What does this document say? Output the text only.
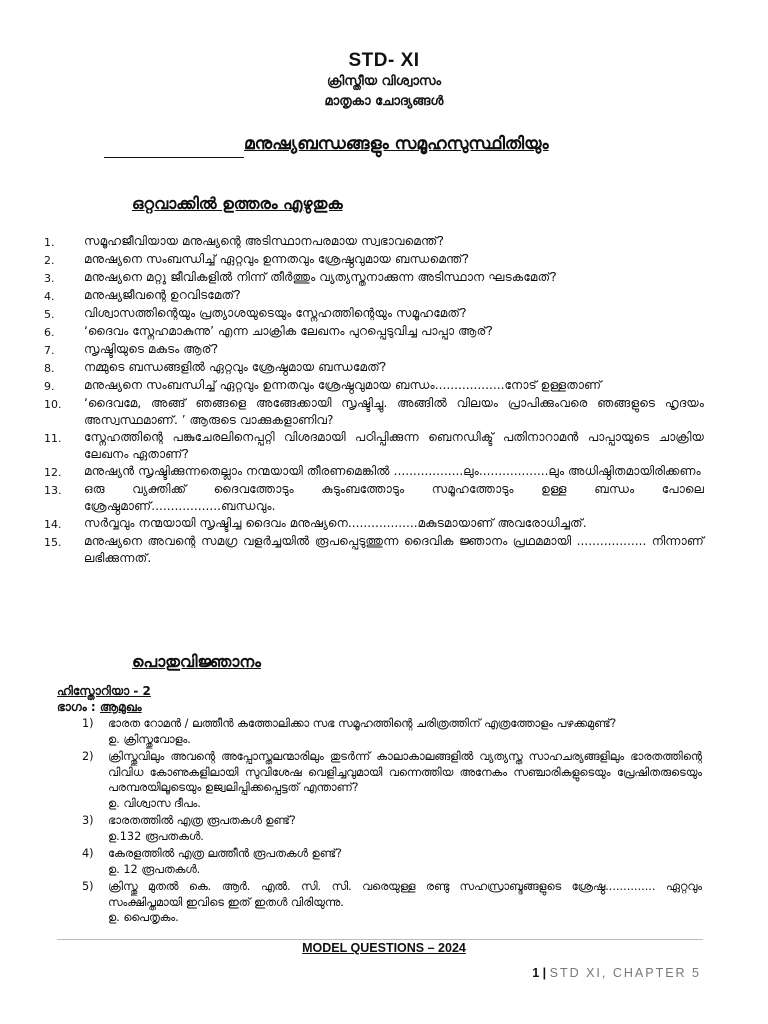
STD- XI
ക്രിസ്തീയ വിശ്വാസം
മാതൃകാ ചോദ്യങ്ങൾ
മനുഷ്യബന്ധങ്ങളും സമൂഹസുസ്ഥിതിയും
ഒറ്റവാക്കിൽ ഉത്തരം എഴുതുക
1.	സമൂഹജീവിയായ മനുഷ്യന്റെ അടിസ്ഥാനപരമായ സ്വഭാവമെന്ത്?
2.	മനുഷ്യനെ സംബന്ധിച്ച് ഏറ്റവും ഉന്നതവും ശ്രേഷ്ഠവുമായ ബന്ധമെന്ത്?
3.	മനുഷ്യനെ മറ്റു ജീവികളിൽ നിന്ന് തീർത്തും വ്യത്യസ്തനാക്കുന്ന അടിസ്ഥാന ഘടകമേത്?
4.	മനുഷ്യജീവന്റെ ഉറവിടമേത്?
5.	വിശ്വാസത്തിന്റെയും പ്രത്യാശയുടെയും സ്നേഹത്തിന്റെയും സമൂഹമേത്?
6.	‘ദൈവം സ്നേഹമാകുന്നു’ എന്ന ചാക്രിക ലേഖനം പുറപ്പെടുവിച്ച പാപ്പാ ആര്?
7.	സൃഷ്ടിയുടെ മകുടം ആര്?
8.	നമ്മുടെ ബന്ധങ്ങളിൽ ഏറ്റവും ശ്രേഷ്ഠമായ ബന്ധമേത്?
9.	മനുഷ്യനെ സംബന്ധിച്ച് ഏറ്റവും ഉന്നതവും ശ്രേഷ്ഠവുമായ ബന്ധം..................നോട് ഉള്ളതാണ്
10.	‘ദൈവമേ, അങ്ങ് ഞങ്ങളെ അങ്ങേക്കായി സൃഷ്ടിച്ചു. അങ്ങിൽ വിലയം പ്രാപിക്കുംവരെ ഞങ്ങളുടെ ഹൃദയം അസ്വസ്ഥമാണ്. ’ ആരുടെ വാക്കുകളാണിവ?
11.	സ്നേഹത്തിന്റെ പങ്കുചേരലിനെപ്പറ്റി വിശദമായി പഠിപ്പിക്കുന്ന ബെനഡിക്ട് പതിനാറാമൻ പാപ്പായുടെ ചാക്രിയ ലേഖനം ഏതാണ്?
12.	മനുഷ്യൻ സൃഷ്ടിക്കുന്നതെല്ലാം നന്മയായി തീരണമെങ്കിൽ ..................ലും..................ലും അധിഷ്ഠിതമായിരിക്കണം
13.	ഒരു വ്യക്തിക്ക് ദൈവത്തോടും കുടുംബത്തോടും സമൂഹത്തോടും ഉള്ള ബന്ധം പോലെ ശ്രേഷ്ഠമാണ്..................ബന്ധവും.
14.	സർവ്വവും നന്മയായി സൃഷ്ടിച്ച ദൈവം മനുഷ്യനെ..................മകുടമായാണ് അവരോധിച്ചത്.
15.	മനുഷ്യനെ അവന്റെ സമഗ്ര വളർച്ചയിൽ രൂപപ്പെടുത്തുന്ന ദൈവിക ജ്ഞാനം പ്രഥമമായി .................. നിന്നാണ് ലഭിക്കുന്നത്.
പൊതുവിജ്ഞാനം
ഹിസ്തോറിയാ - 2
ഭാഗം : ആമുഖം
1)	ഭാരത റോമൻ / ലത്തീൻ കത്തോലിക്കാ സഭ സമൂഹത്തിന്റെ ചരിത്രത്തിന് എത്രത്തോളം പഴക്കമുണ്ട്?
ഉ. ക്രിസ്തുവോളം.
2)	ക്രിസ്തുവിലും അവന്റെ അപ്പോസ്തലന്മാരിലും തുടർന്ന് കാലാകാലങ്ങളിൽ വ്യത്യസ്ത സാഹചര്യങ്ങളിലും ഭാരതത്തിന്റെ വിവിധ കോണുകളിലായി സുവിശേഷ വെളിച്ചവുമായി വന്നെത്തിയ അനേകം സഞ്ചാരികളുടെയും പ്രേഷിതരുടെയും പരമ്പരയിലൂടെയും ഉജ്വലിപ്പിക്കപ്പെട്ടത് എന്താണ്?
ഉ. വിശ്വാസ ദീപം.
3)	ഭാരതത്തിൽ എത്ര രൂപതകൾ ഉണ്ട്?
ഉ.132 രൂപതകൾ.
4)	കേരളത്തിൽ എത്ര ലത്തീൻ രൂപതകൾ ഉണ്ട്?
ഉ. 12 രൂപതകൾ.
5)	ക്രിസ്തു മുതൽ കെ. ആർ. എൽ. സി. സി. വരെയുള്ള രണ്ടു സഹസ്രാബ്ദങ്ങളുടെ ശ്രേഷ്ഠ.............. ഏറ്റവും സംക്ഷിപ്തമായി ഇവിടെ ഇത് ഇതൾ വിരിയുന്നു.
ഉ. പൈതൃകം.
MODEL QUESTIONS – 2024
1 | STD XI, CHAPTER 5
